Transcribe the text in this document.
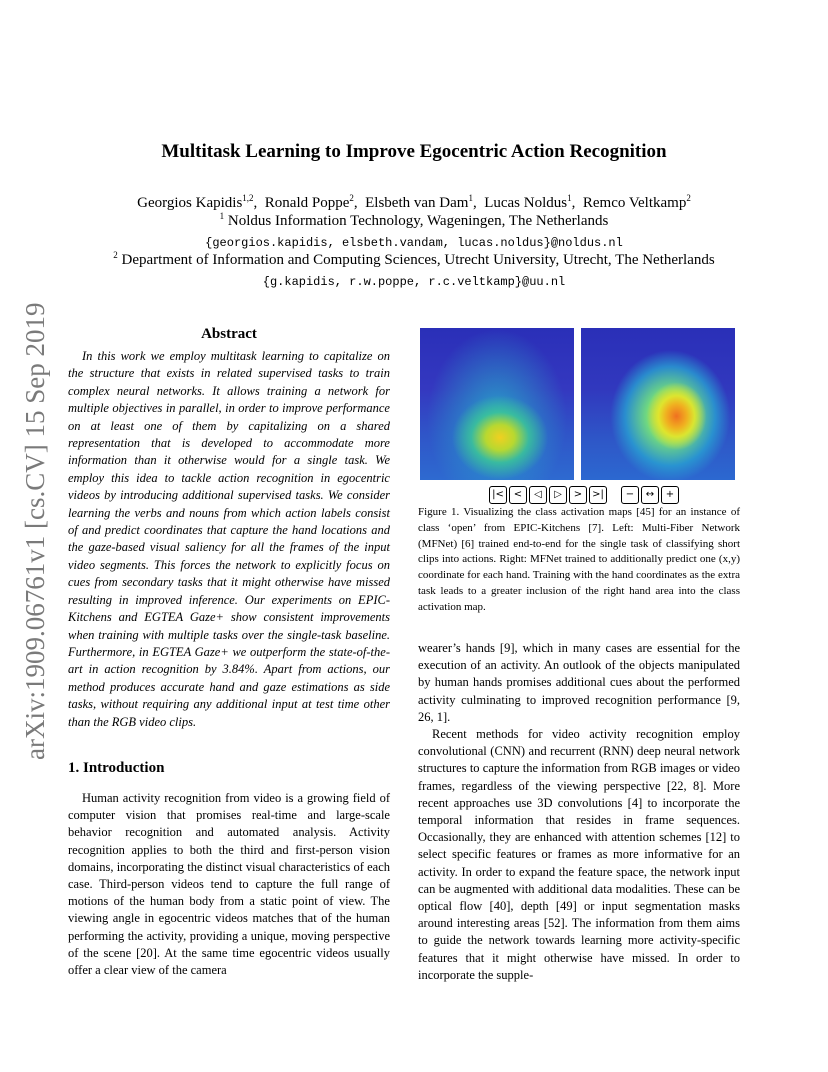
Multitask Learning to Improve Egocentric Action Recognition
Georgios Kapidis$^{1,2}$,  Ronald Poppe$^2$,  Elsbeth van Dam$^1$,  Lucas Noldus$^1$,  Remco Veltkamp$^2$
$^1$ Noldus Information Technology, Wageningen, The Netherlands
{georgios.kapidis, elsbeth.vandam, lucas.noldus}@noldus.nl
$^2$ Department of Information and Computing Sciences, Utrecht University, Utrecht, The Netherlands
{g.kapidis, r.w.poppe, r.c.veltkamp}@uu.nl
arXiv:1909.06761v1 [cs.CV] 15 Sep 2019	Abstract

In this work we employ multitask learning to capitalize on the structure that exists in related supervised tasks to train complex neural networks. It allows training a network for multiple objectives in parallel, in order to improve performance on at least one of them by capitalizing on a shared representation that is developed to accommodate more information than it otherwise would for a single task. We employ this idea to tackle action recognition in egocentric videos by introducing additional supervised tasks. We consider learning the verbs and nouns from which action labels consist of and predict coordinates that capture the hand locations and the gaze-based visual saliency for all the frames of the input video segments. This forces the network to explicitly focus on cues from secondary tasks that it might otherwise have missed resulting in improved inference. Our experiments on EPIC-Kitchens and EGTEA Gaze+ show consistent improvements when training with multiple tasks over the single-task baseline. Furthermore, in EGTEA Gaze+ we outperform the state-of-the-art in action recognition by 3.84%. Apart from actions, our method produces accurate hand and gaze estimations as side tasks, without requiring any additional input at test time other than the RGB video clips.

1. Introduction

Human activity recognition from video is a growing field of computer vision that promises real-time and large-scale behavior recognition and automated analysis. Activity recognition applies to both the third and first-person vision domains, incorporating the distinct visual characteristics of each case. Third-person videos tend to capture the full range of motions of the human body from a static point of view. The viewing angle in egocentric videos matches that of the human performing the activity, providing a unique, moving perspective of the scene [20]. At the same time egocentric videos usually offer a clear view of the camera

|< <	◁	▷	> >|	−	↔	+
Figure 1. Visualizing the class activation maps [45] for an instance of class ‘open’ from EPIC-Kitchens [7]. Left: Multi-Fiber Network (MFNet) [6] trained end-to-end for the single task of classifying short clips into actions. Right: MFNet trained to additionally predict one (x,y) coordinate for each hand. Training with the hand coordinates as the extra task leads to a greater inclusion of the right hand area into the class activation map.

wearer’s hands [9], which in many cases are essential for the execution of an activity. An outlook of the objects manipulated by human hands promises additional cues about the performed activity culminating to improved recognition performance [9, 26, 1].

Recent methods for video activity recognition employ convolutional (CNN) and recurrent (RNN) deep neural network structures to capture the information from RGB images or video frames, regardless of the viewing perspective [22, 8]. More recent approaches use 3D convolutions [4] to incorporate the temporal information that resides in frame sequences. Occasionally, they are enhanced with attention schemes [12] to select specific features or frames as more informative for an activity. In order to expand the feature space, the network input can be augmented with additional data modalities. These can be optical flow [40], depth [49] or input segmentation masks around interesting areas [52]. The information from them aims to guide the network towards learning more activity-specific features that it might otherwise have missed. In order to incorporate the supple-
